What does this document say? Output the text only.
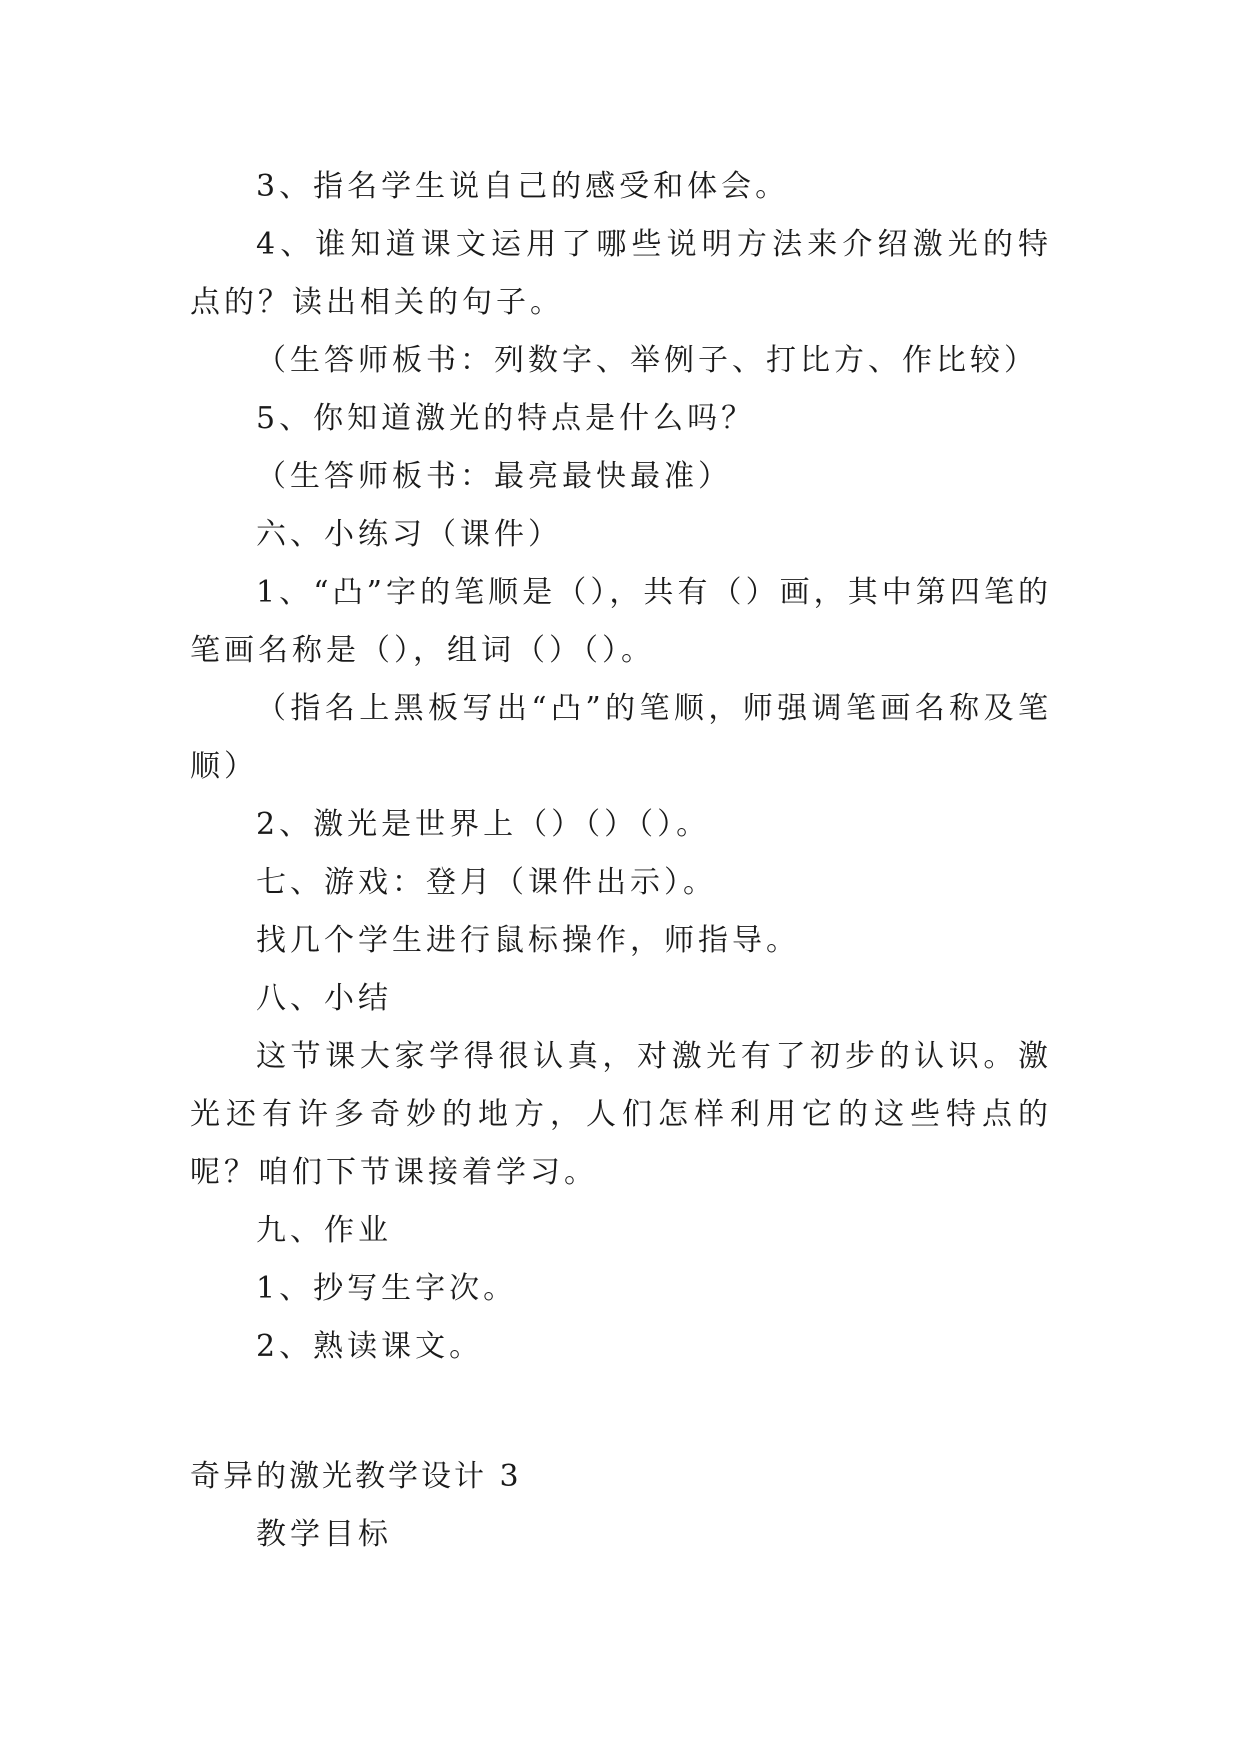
3、指名学生说自己的感受和体会。

4、谁知道课文运用了哪些说明方法来介绍激光的特点的？读出相关的句子。

（生答师板书：列数字、举例子、打比方、作比较）

5、你知道激光的特点是什么吗？

（生答师板书：最亮最快最准）

六、小练习（课件）

1、“凸”字的笔顺是（），共有（）画，其中第四笔的笔画名称是（），组词（）（）。

（指名上黑板写出“凸”的笔顺，师强调笔画名称及笔顺）

2、激光是世界上（）（）（）。

七、游戏：登月（课件出示）。

找几个学生进行鼠标操作，师指导。

八、小结

这节课大家学得很认真，对激光有了初步的认识。激光还有许多奇妙的地方，人们怎样利用它的这些特点的呢？咱们下节课接着学习。

九、作业

1、抄写生字次。

2、熟读课文。

奇异的激光教学设计 3

教学目标
